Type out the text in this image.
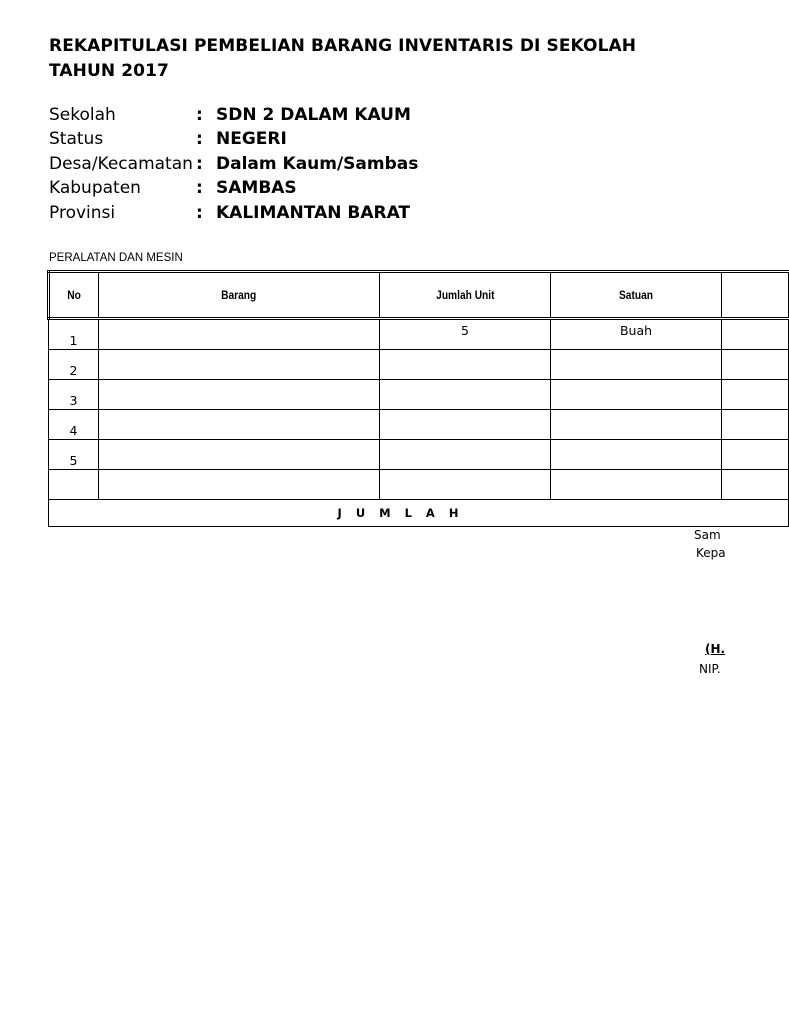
REKAPITULASI PEMBELIAN BARANG INVENTARIS DI SEKOLAH
TAHUN 2017
Sekolah	: SDN 2 DALAM KAUM
Status	: NEGERI
Desa/Kecamatan : Dalam Kaum/Sambas
Kabupaten	: SAMBAS
Provinsi	: KALIMANTAN BARAT
PERALATAN DAN MESIN
No	Barang	Jumlah Unit	Satuan	
1		5	Buah	
2				
3				
4				
5				

J U M L A H				
Sam
Kepa
(H.
NIP.
